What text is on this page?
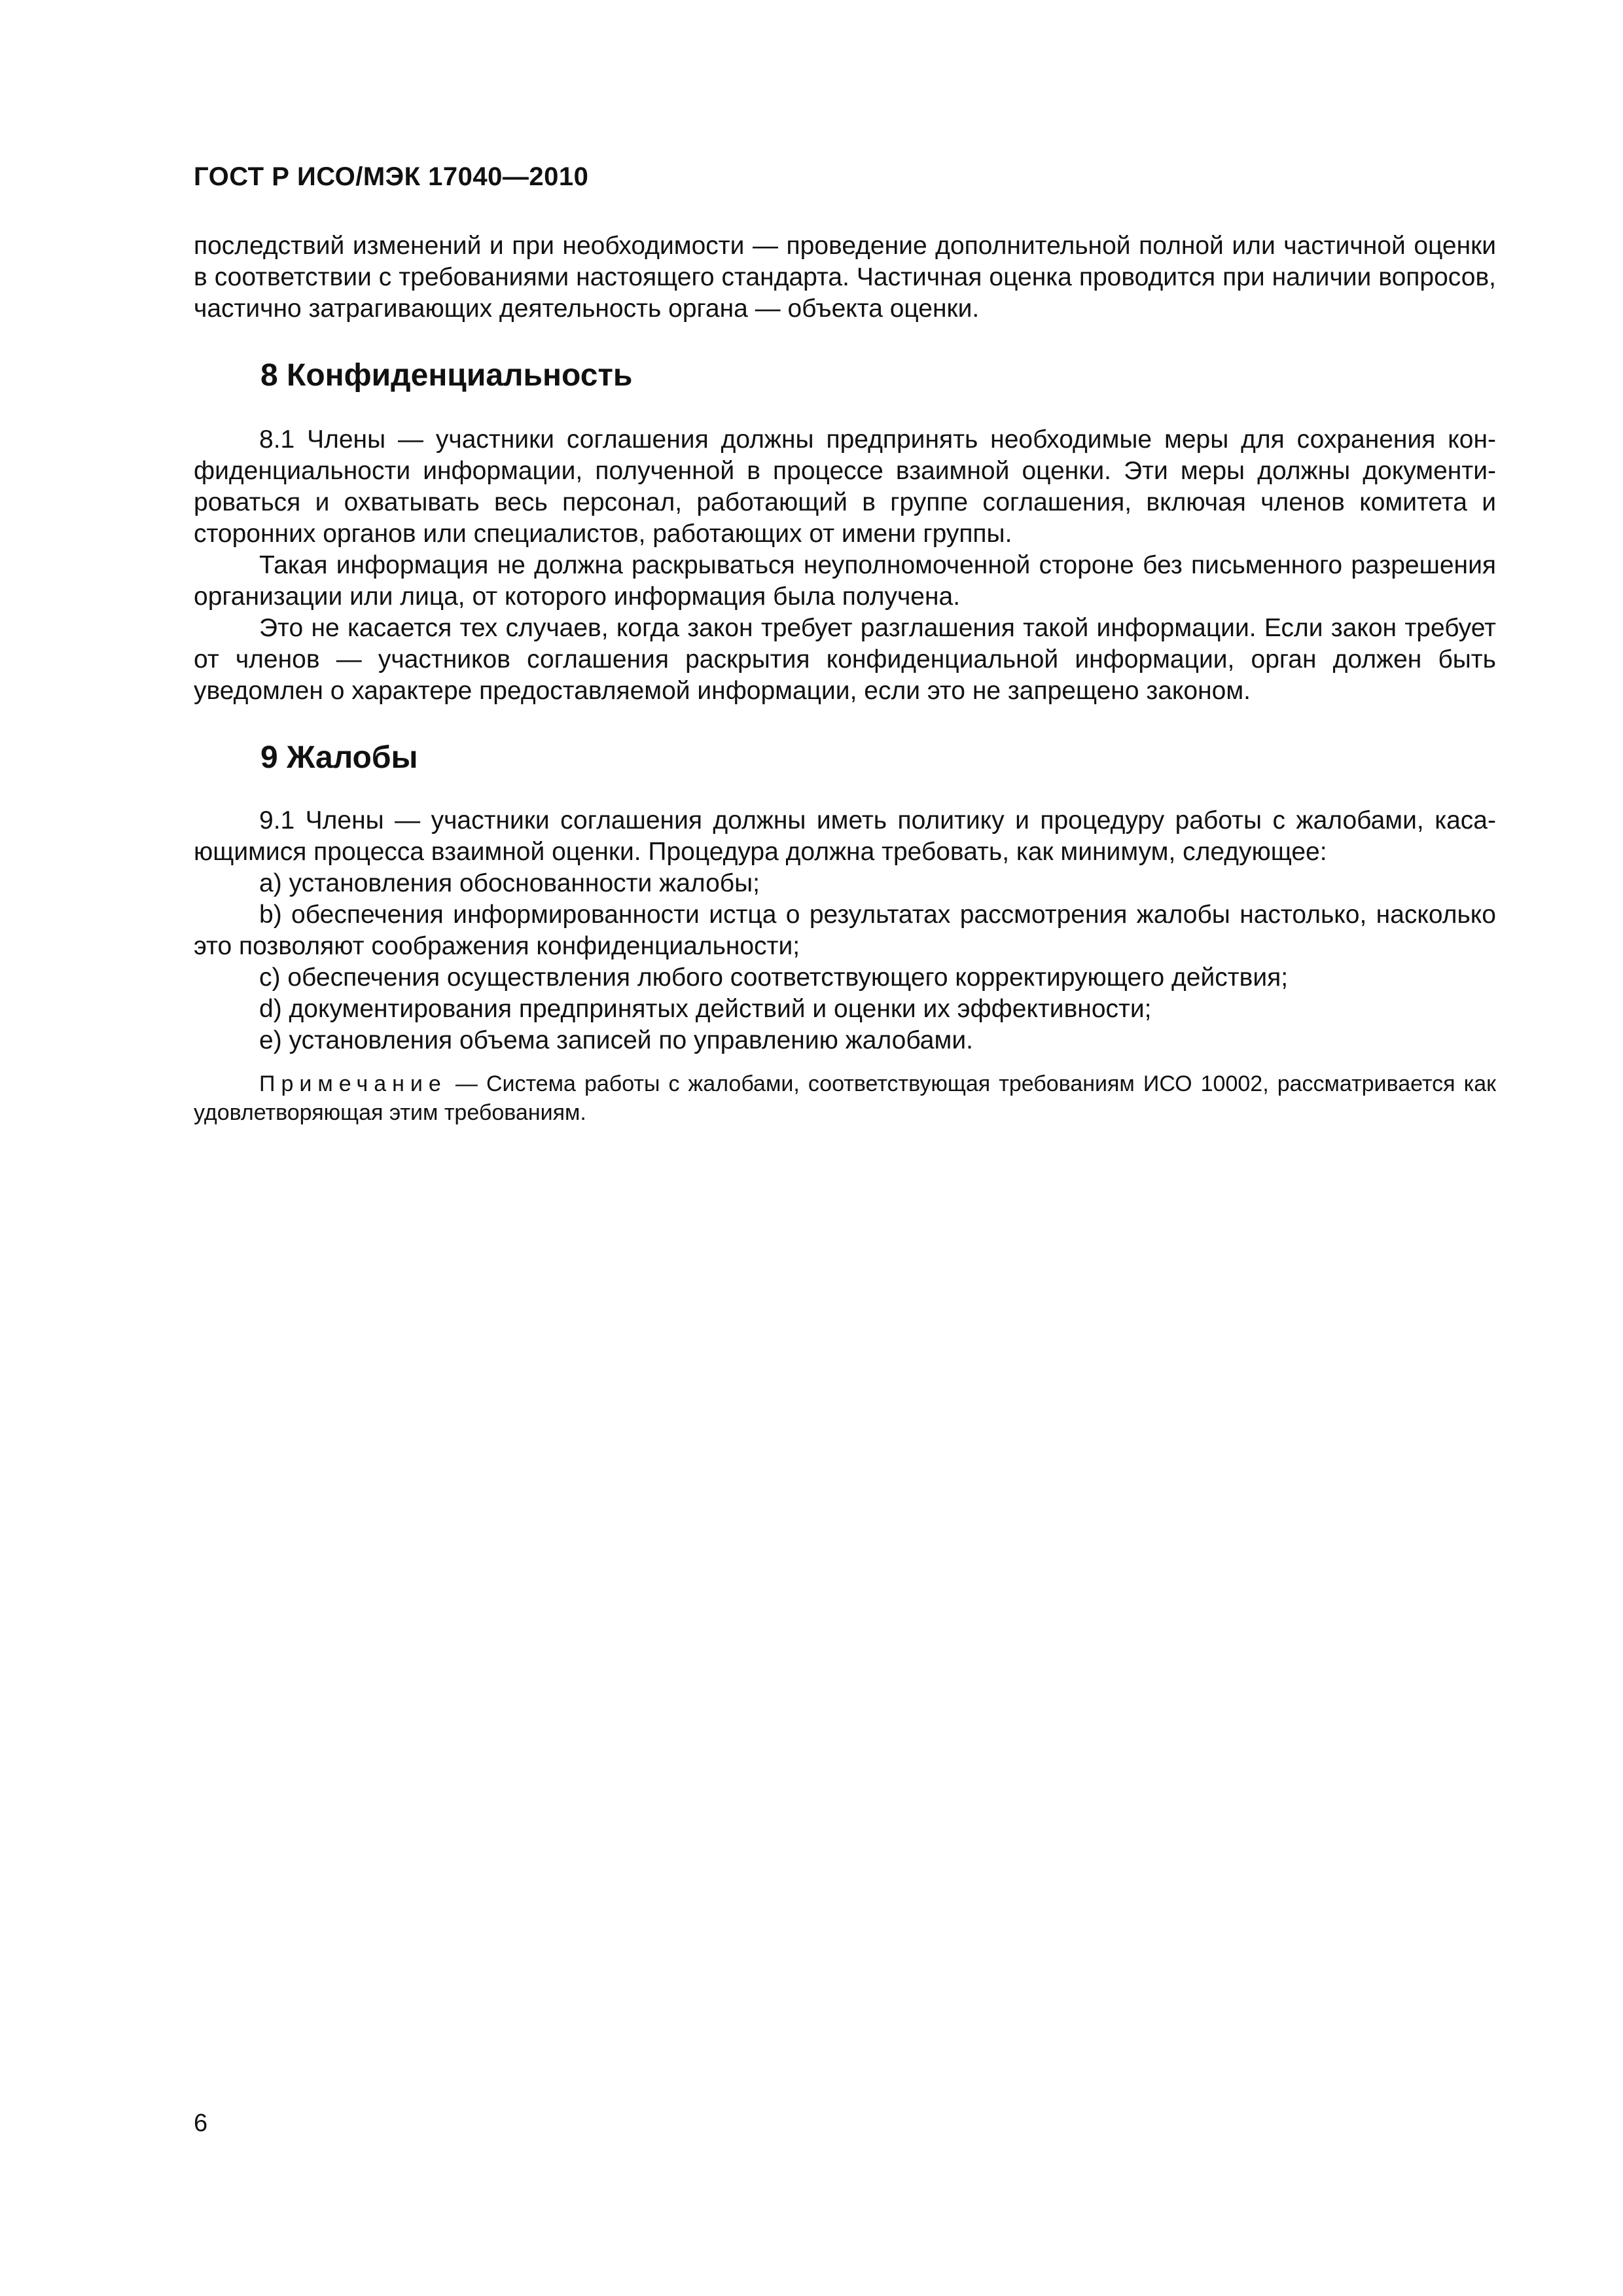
ГОСТ Р ИСО/МЭК 17040—2010

последствий изменений и при необходимости — проведение дополнительной полной или частичной оценки в соответствии с требованиями настоящего стандарта. Частичная оценка проводится при наличии вопросов, частично затрагивающих деятельность органа — объекта оценки.

8 Конфиденциальность

8.1 Члены — участники соглашения должны предпринять необходимые меры для сохранения конфиденциальности информации, полученной в процессе взаимной оценки. Эти меры должны документироваться и охватывать весь персонал, работающий в группе соглашения, включая членов комитета и сторонних органов или специалистов, работающих от имени группы.

Такая информация не должна раскрываться неуполномоченной стороне без письменного разрешения организации или лица, от которого информация была получена.

Это не касается тех случаев, когда закон требует разглашения такой информации. Если закон требует от членов — участников соглашения раскрытия конфиденциальной информации, орган должен быть уведомлен о характере предоставляемой информации, если это не запрещено законом.

9 Жалобы

9.1 Члены — участники соглашения должны иметь политику и процедуру работы с жалобами, касающимися процесса взаимной оценки. Процедура должна требовать, как минимум, следующее:

a) установления обоснованности жалобы;

b) обеспечения информированности истца о результатах рассмотрения жалобы настолько, насколько это позволяют соображения конфиденциальности;

c) обеспечения осуществления любого соответствующего корректирующего действия;

d) документирования предпринятых действий и оценки их эффективности;

e) установления объема записей по управлению жалобами.

Примечание — Система работы с жалобами, соответствующая требованиям ИСО 10002, рассматривается как удовлетворяющая этим требованиям.

6
